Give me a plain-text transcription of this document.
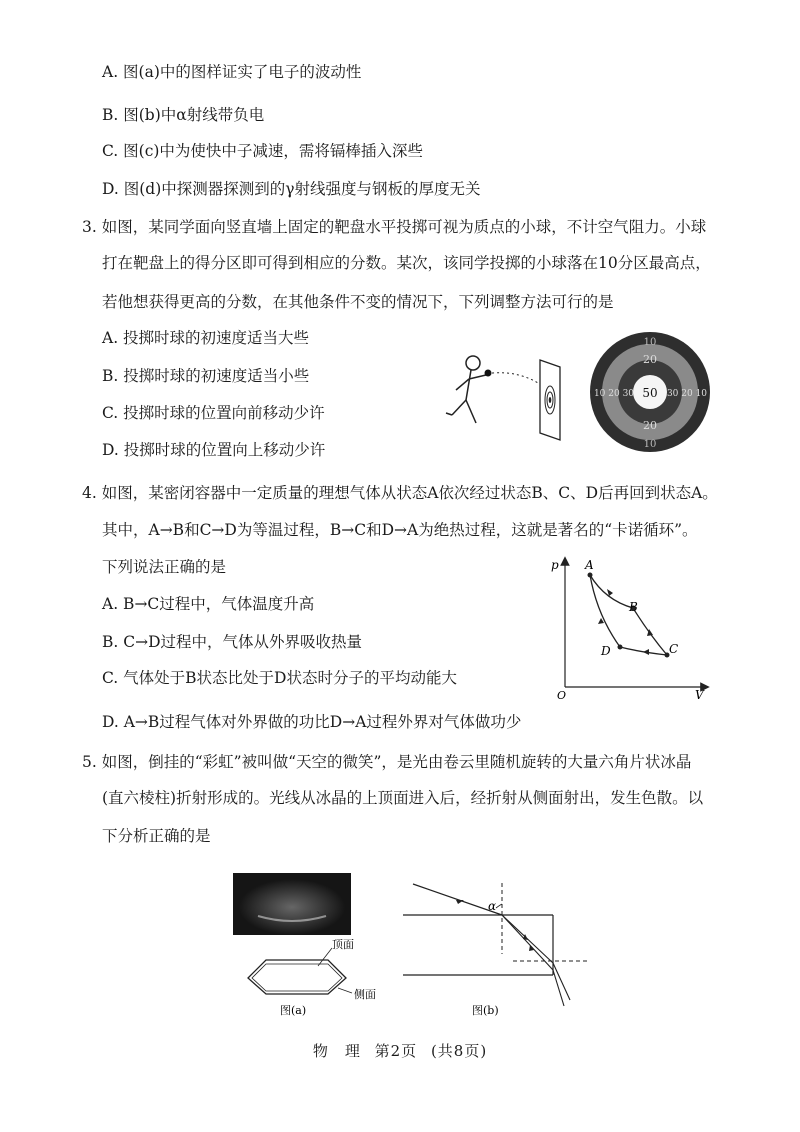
A. 图(a)中的图样证实了电子的波动性
B. 图(b)中α射线带负电
C. 图(c)中为使快中子减速，需将镉棒插入深些
D. 图(d)中探测器探测到的γ射线强度与钢板的厚度无关
3. 如图，某同学面向竖直墙上固定的靶盘水平投掷可视为质点的小球，不计空气阻力。小球
打在靶盘上的得分区即可得到相应的分数。某次，该同学投掷的小球落在10分区最高点，
若他想获得更高的分数，在其他条件不变的情况下，下列调整方法可行的是
A. 投掷时球的初速度适当大些
B. 投掷时球的初速度适当小些
C. 投掷时球的位置向前移动少许
D. 投掷时球的位置向上移动少许
10
20
50
10 20 30	30 20 10
20
10
4. 如图，某密闭容器中一定质量的理想气体从状态A依次经过状态B、C、D后再回到状态A。
其中，A→B和C→D为等温过程，B→C和D→A为绝热过程，这就是著名的“卡诺循环”。
下列说法正确的是
A. B→C过程中，气体温度升高
B. C→D过程中，气体从外界吸收热量
C. 气体处于B状态比处于D状态时分子的平均动能大
D. A→B过程气体对外界做的功比D→A过程外界对气体做功少
p
V
O
A
B
C
D
5. 如图，倒挂的“彩虹”被叫做“天空的微笑”，是光由卷云里随机旋转的大量六角片状冰晶
(直六棱柱)折射形成的。光线从冰晶的上顶面进入后，经折射从侧面射出，发生色散。以
下分析正确的是
顶面
侧面
图(a)
α
图(b)
物　理 第2页 (共8页)
